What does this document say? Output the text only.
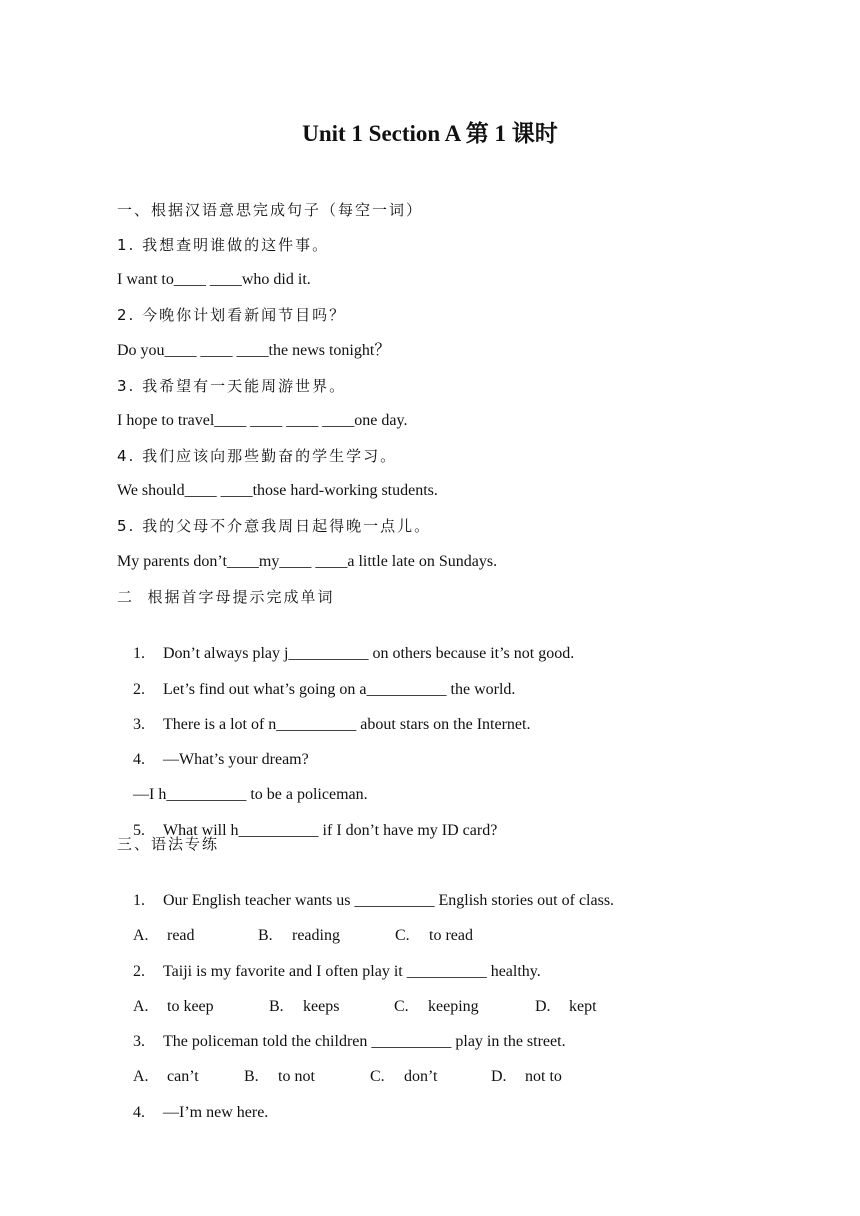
Unit 1 Section A 第 1 课时
一、根据汉语意思完成句子（每空一词）
1. 我想查明谁做的这件事。
I want to____ ____who did it.
2. 今晚你计划看新闻节目吗？
Do you____ ____ ____the news tonight？
3. 我希望有一天能周游世界。
I hope to travel____ ____ ____ ____one day.
4. 我们应该向那些勤奋的学生学习。
We should____ ____those hard-working students.
5. 我的父母不介意我周日起得晚一点儿。
My parents don’t____my____ ____a little late on Sundays.
二  根据首字母提示完成单词

1. Don’t always play j__________ on others because it’s not good.

2. Let’s find out what’s going on a__________ the world.

3. There is a lot of n__________ about stars on the Internet.

4. —What’s your dream?

—I h__________ to be a policeman.

5. What will h__________ if I don’t have my ID card?

三、语法专练

1. Our English teacher wants us __________ English stories out of class.

A. read	B. reading	C. to read

2. Taiji is my favorite and I often play it __________ healthy.

A. to keep	B. keeps	C. keeping	D. kept

3. The policeman told the children __________ play in the street.

A. can’t	B. to not	C. don’t	D. not to

4. —I’m new here.
